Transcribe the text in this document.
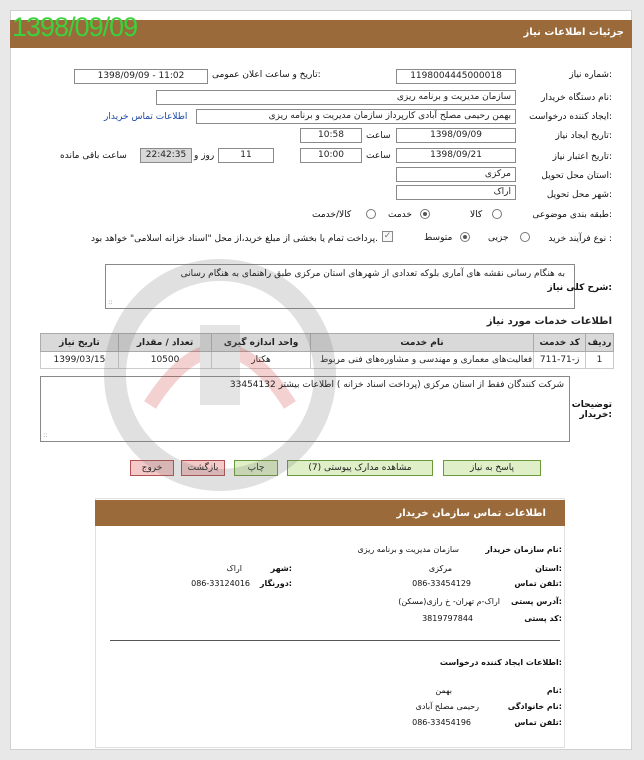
جزئیات اطلاعات نیاز
1398/09/09
شماره نیاز:
1198004445000018
تاریخ و ساعت اعلان عمومی:
1398/09/09 - 11:02
نام دستگاه خریدار:
سازمان مدیریت و برنامه ریزی
ایجاد کننده درخواست:
بهمن رحیمی مصلح آبادی کارپرداز سازمان مدیریت و برنامه ریزی
اطلاعات تماس خریدار
تاریخ ایجاد نیاز:
1398/09/09
ساعت
10:58
تاریخ اعتبار نیاز:
1398/09/21
ساعت
10:00
11
روز و
22:42:35
ساعت باقی مانده
استان محل تحویل:
مرکزی
شهر محل تحویل:
اراک
طبقه بندی موضوعی:
کالا
خدمت
کالا/خدمت
نوع فرآیند خرید :
جزیی
متوسط
✓
پرداخت تمام یا بخشی از مبلغ خرید،از محل "اسناد خزانه اسلامی" خواهد بود.
به هنگام رسانی نقشه های آماری بلوکه تعدادی از شهرهای استان مرکزی طبق راهنمای به هنگام رسانی
::
شرح کلی نیاز:
اطلاعات خدمات مورد نیاز
ردیف	کد خدمت	نام خدمت	واحد اندازه گیری	تعداد / مقدار	تاریخ نیاز
1	ز-71-711	فعالیت‌های معماری و مهندسی و مشاوره‌های فنی مربوط	هکتار	10500	1399/03/15
شرکت کنندگان فقط از استان مرکزی (پرداخت اسناد خزانه ) اطلاعات بیشتر 33454132
::
توضیحات خریدار:
پاسخ به نیاز
مشاهده مدارک پیوستی (7)
چاپ
بازگشت
خروج
اطلاعات تماس سازمان خریدار
نام سازمان خریدار:
سازمان مدیریت و برنامه ریزی
استان:
مرکزی
شهر:
اراک
تلفن تماس:
086-33454129
دورنگار:
086-33124016
آدرس پستی:
اراک-م تهران- خ رازی(مسکن)
کد پستی:
3819797844
اطلاعات ایجاد کننده درخواست:
نام:
بهمن
نام خانوادگی:
رحیمی مصلح آبادی
تلفن تماس:
086-33454196
